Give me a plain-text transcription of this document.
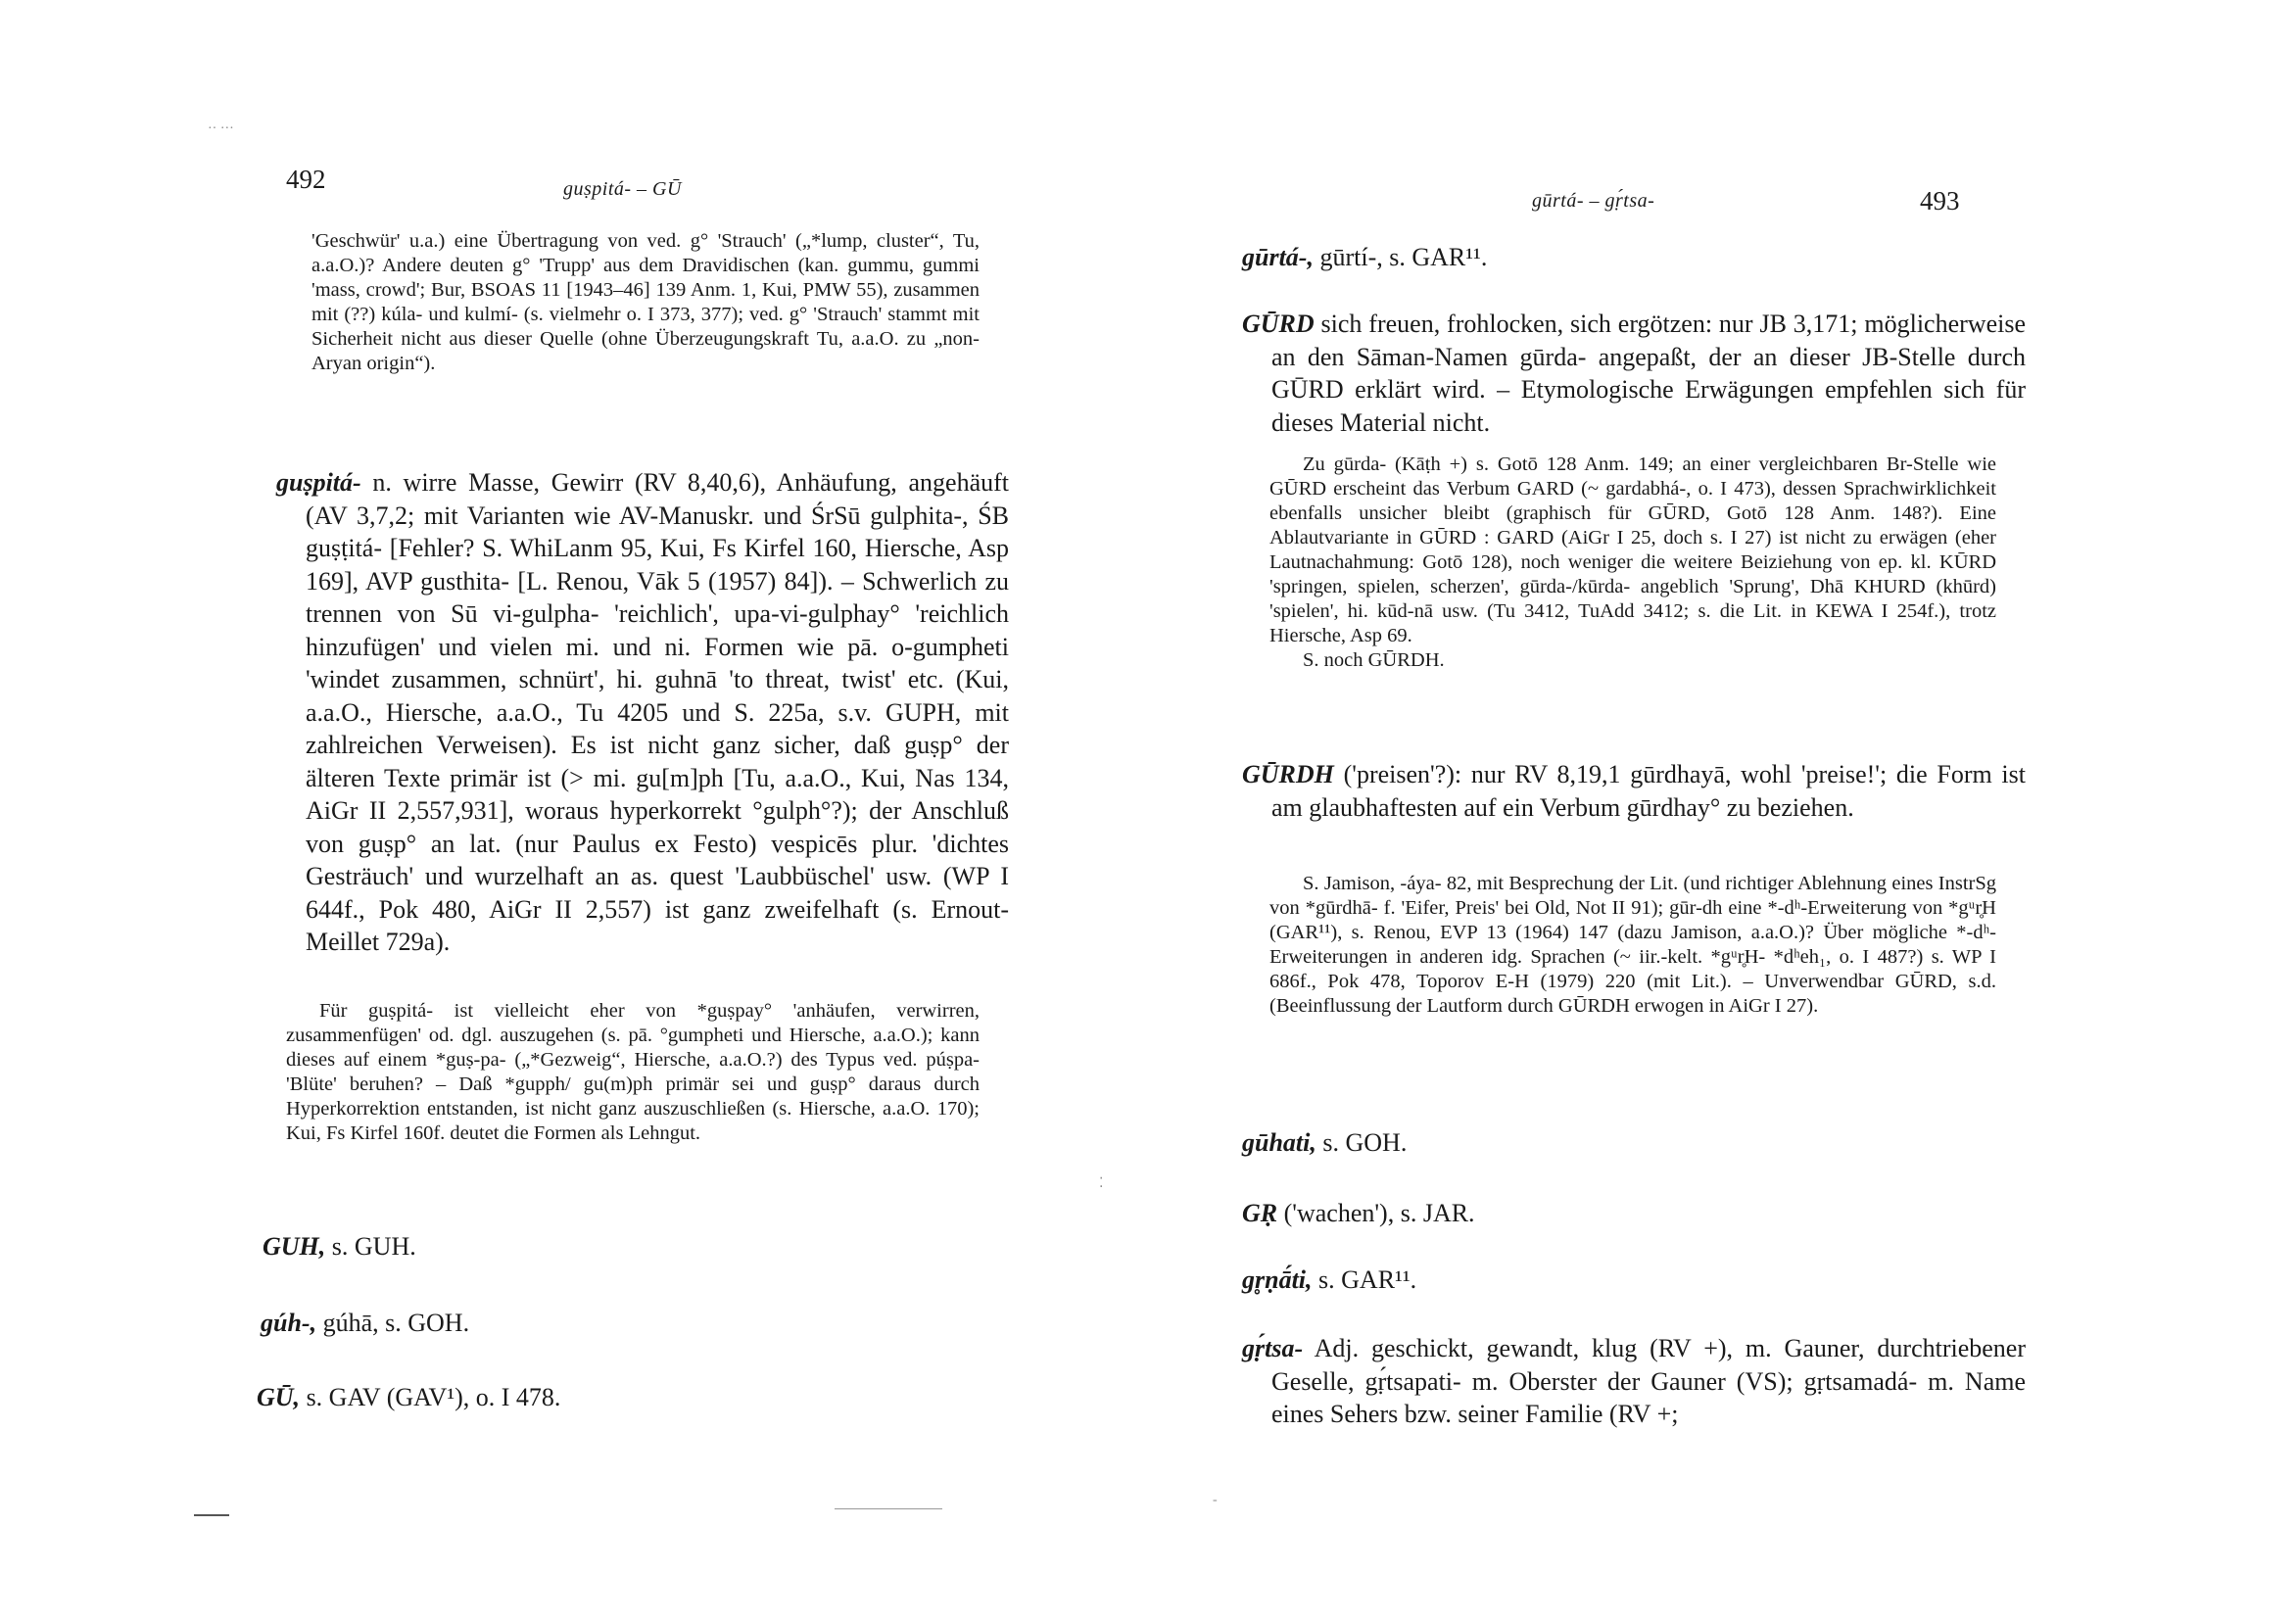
·· ···
492	guṣpitá- – GŪ

'Geschwür' u.a.) eine Übertragung von ved. g° 'Strauch' („*lump, cluster“, Tu, a.a.O.)? Andere deuten g° 'Trupp' aus dem Dravidischen (kan. gummu, gummi 'mass, crowd'; Bur, BSOAS 11 [1943–46] 139 Anm. 1, Kui, PMW 55), zusammen mit (??) kúla- und kulmí- (s. vielmehr o. I 373, 377); ved. g° 'Strauch' stammt mit Sicherheit nicht aus dieser Quelle (ohne Überzeugungskraft Tu, a.a.O. zu „non-Aryan origin“).

guṣpitá- n. wirre Masse, Gewirr (RV 8,40,6), Anhäufung, angehäuft (AV 3,7,2; mit Varianten wie AV-Manuskr. und ŚrSū gulphita-, ŚB guṣṭitá- [Fehler? S. WhiLanm 95, Kui, Fs Kirfel 160, Hiersche, Asp 169], AVP gusthita- [L. Renou, Vāk 5 (1957) 84]). – Schwerlich zu trennen von Sū vi-gulpha- 'reichlich', upa-vi-gulphay° 'reichlich hinzufügen' und vielen mi. und ni. Formen wie pā. o-gumpheti 'windet zusammen, schnürt', hi. guhnā 'to threat, twist' etc. (Kui, a.a.O., Hiersche, a.a.O., Tu 4205 und S. 225a, s.v. GUPH, mit zahlreichen Verweisen). Es ist nicht ganz sicher, daß guṣp° der älteren Texte primär ist (> mi. gu[m]ph [Tu, a.a.O., Kui, Nas 134, AiGr II 2,557,931], woraus hyperkorrekt °gulph°?); der Anschluß von guṣp° an lat. (nur Paulus ex Festo) vespicēs plur. 'dichtes Gesträuch' und wurzelhaft an as. quest 'Laubbüschel' usw. (WP I 644f., Pok 480, AiGr II 2,557) ist ganz zweifelhaft (s. Ernout-Meillet 729a).

Für guṣpitá- ist vielleicht eher von *guṣpay° 'anhäufen, verwirren, zusammenfügen' od. dgl. auszugehen (s. pā. °gumpheti und Hiersche, a.a.O.); kann dieses auf einem *guṣ-pa- („*Gezweig“, Hiersche, a.a.O.?) des Typus ved. púṣpa- 'Blüte' beruhen? – Daß *gupph/ gu(m)ph primär sei und guṣp° daraus durch Hyperkorrektion entstanden, ist nicht ganz auszuschließen (s. Hiersche, a.a.O. 170); Kui, Fs Kirfel 160f. deutet die Formen als Lehngut.

GUH, s. GUH.
gúh-, gúhā, s. GOH.
GŪ, s. GAV (GAV¹), o. I 478.
gūrtá- – gṛ́tsa-	493
gūrtá-, gūrtí-, s. GAR¹¹.
GŪRD sich freuen, frohlocken, sich ergötzen: nur JB 3,171; möglicherweise an den Sāman-Namen gūrda- angepaßt, der an dieser JB-Stelle durch GŪRD erklärt wird. – Etymologische Erwägungen empfehlen sich für dieses Material nicht.

Zu gūrda- (Kāṭh +) s. Gotō 128 Anm. 149; an einer vergleichbaren Br-Stelle wie GŪRD erscheint das Verbum GARD (~ gardabhá-, o. I 473), dessen Sprachwirklichkeit ebenfalls unsicher bleibt (graphisch für GŪRD, Gotō 128 Anm. 148?). Eine Ablautvariante in GŪRD : GARD (AiGr I 25, doch s. I 27) ist nicht zu erwägen (eher Lautnachahmung: Gotō 128), noch weniger die weitere Beiziehung von ep. kl. KŪRD 'springen, spielen, scherzen', gūrda-/kūrda- angeblich 'Sprung', Dhā KHURD (khūrd) 'spielen', hi. kūd-nā usw. (Tu 3412, TuAdd 3412; s. die Lit. in KEWA I 254f.), trotz Hiersche, Asp 69.

S. noch GŪRDH.

GŪRDH ('preisen'?): nur RV 8,19,1 gūrdhayā, wohl 'preise!'; die Form ist am glaubhaftesten auf ein Verbum gūrdhay° zu beziehen.

S. Jamison, -áya- 82, mit Besprechung der Lit. (und richtiger Ablehnung eines InstrSg von *gūrdhā- f. 'Eifer, Preis' bei Old, Not II 91); gūr-dh eine *-dʰ-Erweiterung von *gᵘr̥H (GAR¹¹), s. Renou, EVP 13 (1964) 147 (dazu Jamison, a.a.O.)? Über mögliche *-dʰ-Erweiterungen in anderen idg. Sprachen (~ iir.-kelt. *gᵘr̥H- *dʰeh₁, o. I 487?) s. WP I 686f., Pok 478, Toporov E-H (1979) 220 (mit Lit.). – Unverwendbar GŪRD, s.d. (Beeinflussung der Lautform durch GŪRDH erwogen in AiGr I 27).

gūhati, s. GOH.
GṚ ('wachen'), s. JAR.
gr̥ṇā́ti, s. GAR¹¹.
gṛ́tsa- Adj. geschickt, gewandt, klug (RV +), m. Gauner, durchtriebener Geselle, gṛ́tsapati- m. Oberster der Gauner (VS); gṛtsamadá- m. Name eines Sehers bzw. seiner Familie (RV +;
⁚
-
